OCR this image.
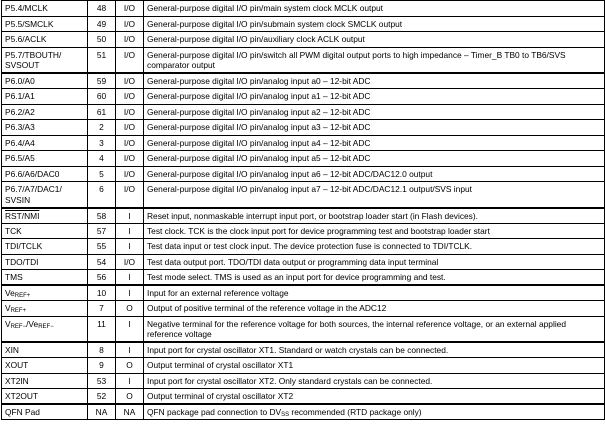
P5.4/MCLK	48	I/O	General-purpose digital I/O pin/main system clock MCLK output
P5.5/SMCLK	49	I/O	General-purpose digital I/O pin/submain system clock SMCLK output
P5.6/ACLK	50	I/O	General-purpose digital I/O pin/auxiliary clock ACLK output
P5.7/TBOUTH/
SVSOUT	51	I/O	General-purpose digital I/O pin/switch all PWM digital output ports to high impedance – Timer_B TB0 to TB6/SVS comparator output
P6.0/A0	59	I/O	General-purpose digital I/O pin/analog input a0 – 12-bit ADC
P6.1/A1	60	I/O	General-purpose digital I/O pin/analog input a1 – 12-bit ADC
P6.2/A2	61	I/O	General-purpose digital I/O pin/analog input a2 – 12-bit ADC
P6.3/A3	2	I/O	General-purpose digital I/O pin/analog input a3 – 12-bit ADC
P6.4/A4	3	I/O	General-purpose digital I/O pin/analog input a4 – 12-bit ADC
P6.5/A5	4	I/O	General-purpose digital I/O pin/analog input a5 – 12-bit ADC
P6.6/A6/DAC0	5	I/O	General-purpose digital I/O pin/analog input a6 – 12-bit ADC/DAC12.0 output
P6.7/A7/DAC1/
SVSIN	6	I/O	General-purpose digital I/O pin/analog input a7 – 12-bit ADC/DAC12.1 output/SVS input
RST/NMI	58	I	Reset input, nonmaskable interrupt input port, or bootstrap loader start (in Flash devices).
TCK	57	I	Test clock. TCK is the clock input port for device programming test and bootstrap loader start
TDI/TCLK	55	I	Test data input or test clock input. The device protection fuse is connected to TDI/TCLK.
TDO/TDI	54	I/O	Test data output port. TDO/TDI data output or programming data input terminal
TMS	56	I	Test mode select. TMS is used as an input port for device programming and test.
$Ve_{REF+}$	10	I	Input for an external reference voltage
$V_{REF+}$	7	O	Output of positive terminal of the reference voltage in the ADC12
$V_{REF-}/Ve_{REF-}$	11	I	Negative terminal for the reference voltage for both sources, the internal reference voltage, or an external applied reference voltage
XIN	8	I	Input port for crystal oscillator XT1. Standard or watch crystals can be connected.
XOUT	9	O	Output terminal of crystal oscillator XT1
XT2IN	53	I	Input port for crystal oscillator XT2. Only standard crystals can be connected.
XT2OUT	52	O	Output terminal of crystal oscillator XT2
QFN Pad	NA	NA	QFN package pad connection to $DV_{SS}$ recommended (RTD package only)
